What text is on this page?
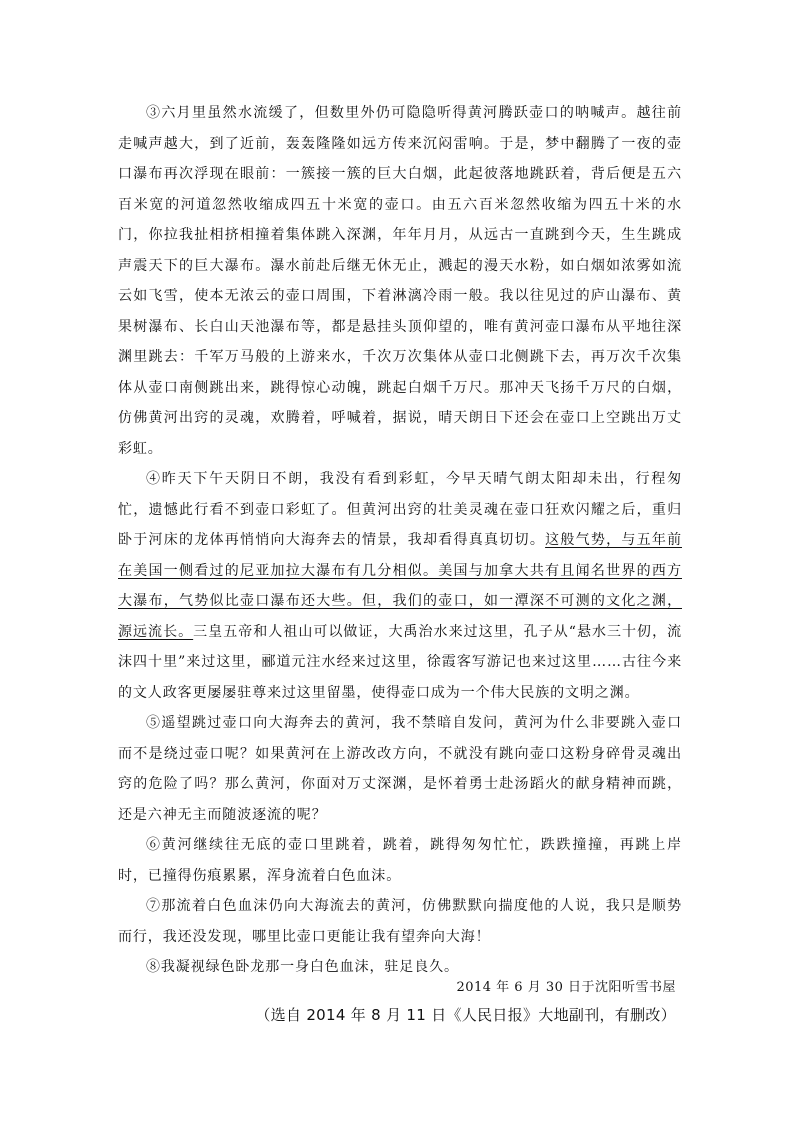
③六月里虽然水流缓了，但数里外仍可隐隐听得黄河腾跃壶口的呐喊声。越往前走喊声越大，到了近前，轰轰隆隆如远方传来沉闷雷响。于是，梦中翻腾了一夜的壶口瀑布再次浮现在眼前：一簇接一簇的巨大白烟，此起彼落地跳跃着，背后便是五六百米宽的河道忽然收缩成四五十米宽的壶口。由五六百米忽然收缩为四五十米的水门，你拉我扯相挤相撞着集体跳入深渊，年年月月，从远古一直跳到今天，生生跳成声震天下的巨大瀑布。瀑水前赴后继无休无止，溅起的漫天水粉，如白烟如浓雾如流云如飞雪，使本无浓云的壶口周围，下着淋漓冷雨一般。我以往见过的庐山瀑布、黄果树瀑布、长白山天池瀑布等，都是悬挂头顶仰望的，唯有黄河壶口瀑布从平地往深渊里跳去：千军万马般的上游来水，千次万次集体从壶口北侧跳下去，再万次千次集体从壶口南侧跳出来，跳得惊心动魄，跳起白烟千万尺。那冲天飞扬千万尺的白烟，仿佛黄河出窍的灵魂，欢腾着，呼喊着，据说，晴天朗日下还会在壶口上空跳出万丈彩虹。

④昨天下午天阴日不朗，我没有看到彩虹，今早天晴气朗太阳却未出，行程匆忙，遗憾此行看不到壶口彩虹了。但黄河出窍的壮美灵魂在壶口狂欢闪耀之后，重归卧于河床的龙体再悄悄向大海奔去的情景，我却看得真真切切。这般气势，与五年前在美国一侧看过的尼亚加拉大瀑布有几分相似。美国与加拿大共有且闻名世界的西方大瀑布，气势似比壶口瀑布还大些。但，我们的壶口，如一潭深不可测的文化之渊，源远流长。三皇五帝和人祖山可以做证，大禹治水来过这里，孔子从“悬水三十仞，流沫四十里”来过这里，郦道元注水经来过这里，徐霞客写游记也来过这里……古往今来的文人政客更屡屡驻尊来过这里留墨，使得壶口成为一个伟大民族的文明之渊。

⑤遥望跳过壶口向大海奔去的黄河，我不禁暗自发问，黄河为什么非要跳入壶口而不是绕过壶口呢？如果黄河在上游改改方向，不就没有跳向壶口这粉身碎骨灵魂出窍的危险了吗？那么黄河，你面对万丈深渊，是怀着勇士赴汤蹈火的献身精神而跳，还是六神无主而随波逐流的呢？

⑥黄河继续往无底的壶口里跳着，跳着，跳得匆匆忙忙，跌跌撞撞，再跳上岸时，已撞得伤痕累累，浑身流着白色血沫。

⑦那流着白色血沫仍向大海流去的黄河，仿佛默默向揣度他的人说，我只是顺势而行，我还没发现，哪里比壶口更能让我有望奔向大海！

⑧我凝视绿色卧龙那一身白色血沫，驻足良久。

2014 年 6 月 30 日于沈阳听雪书屋
（选自 2014 年 8 月 11 日《人民日报》大地副刊，有删改）
